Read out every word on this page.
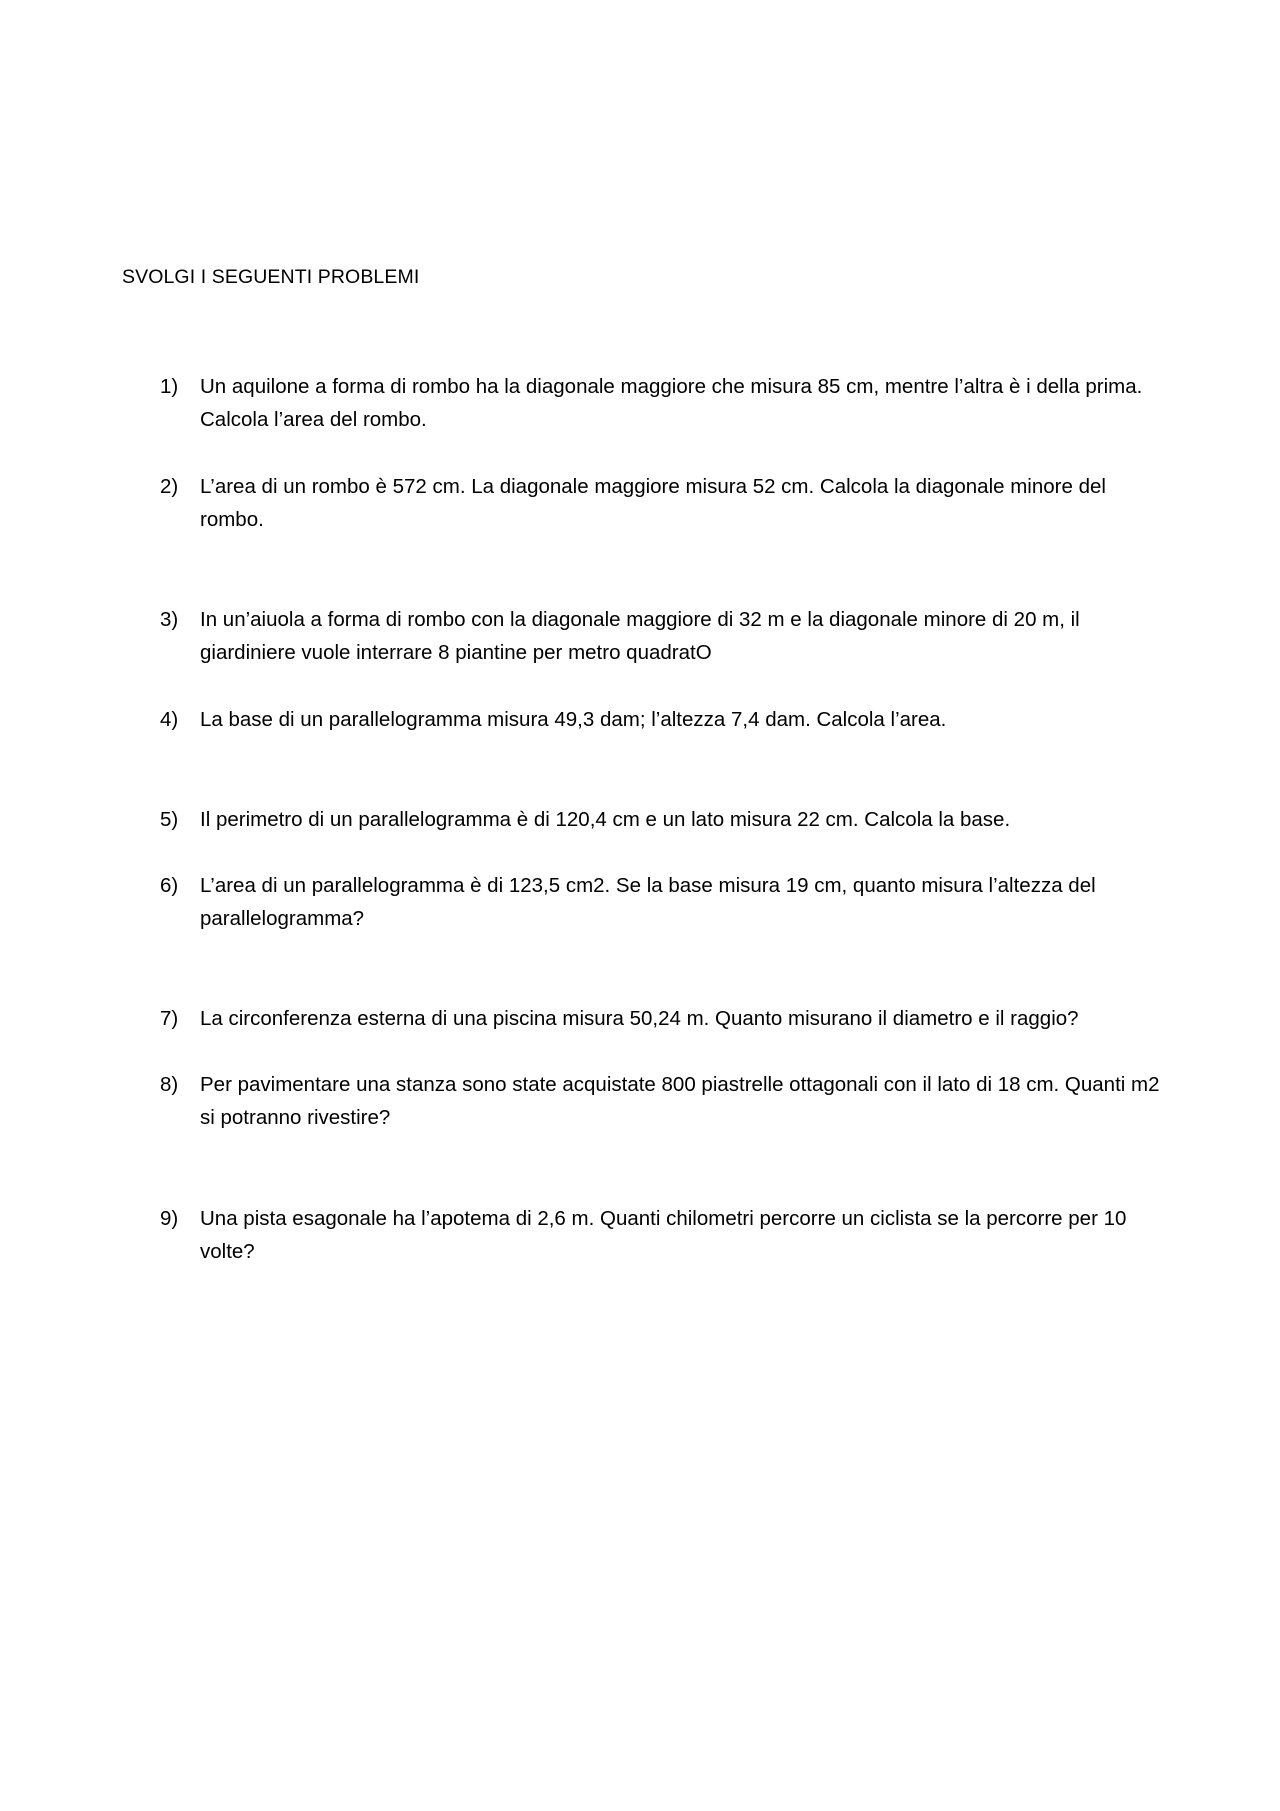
SVOLGI I SEGUENTI PROBLEMI
1) Un aquilone a forma di rombo ha la diagonale maggiore che misura 85 cm, mentre l’altra è i della prima. Calcola l’area del rombo.
2) L’area di un rombo è 572 cm. La diagonale maggiore misura 52 cm. Calcola la diagonale minore del rombo.
3) In un’aiuola a forma di rombo con la diagonale maggiore di 32 m e la diagonale minore di 20 m, il giardiniere vuole interrare 8 piantine per metro quadratO
4) La base di un parallelogramma misura 49,3 dam; l’altezza 7,4 dam. Calcola l’area.
5) Il perimetro di un parallelogramma è di 120,4 cm e un lato misura 22 cm. Calcola la base.
6) L’area di un parallelogramma è di 123,5 cm2. Se la base misura 19 cm, quanto misura l’altezza del parallelogramma?
7) La circonferenza esterna di una piscina misura 50,24 m. Quanto misurano il diametro e il raggio?
8) Per pavimentare una stanza sono state acquistate 800 piastrelle ottagonali con il lato di 18 cm. Quanti m2 si potranno rivestire?
9) Una pista esagonale ha l’apotema di 2,6 m. Quanti chilometri percorre un ciclista se la percorre per 10 volte?
